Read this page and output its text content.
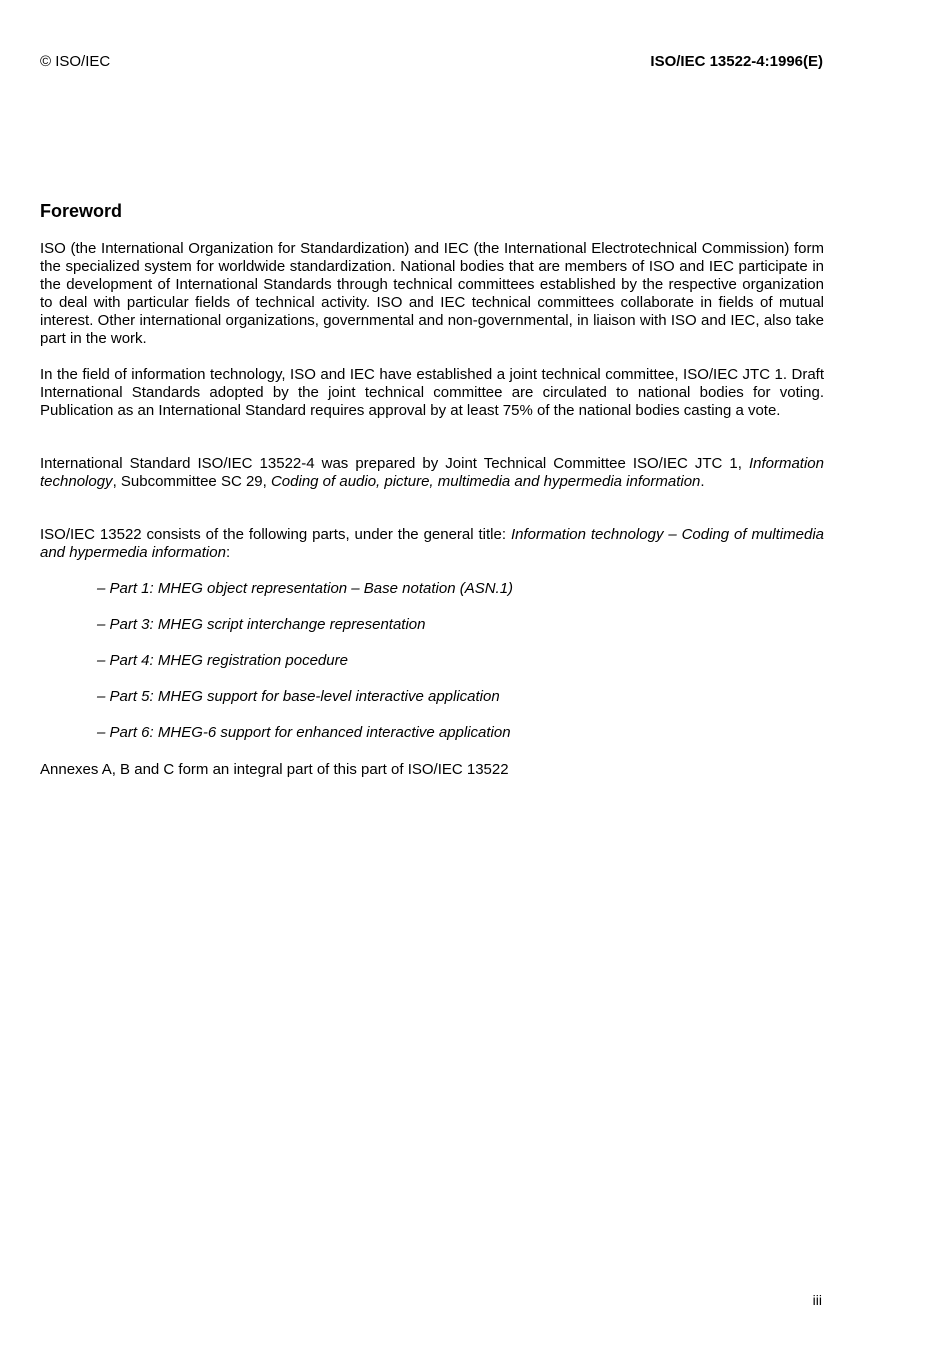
© ISO/IEC	ISO/IEC 13522-4:1996(E)
Foreword

ISO (the International Organization for Standardization) and IEC (the International Electrotechnical Commission) form the specialized system for worldwide standardization. National bodies that are members of ISO and IEC participate in the development of International Standards through technical committees established by the respective organization to deal with particular fields of technical activity. ISO and IEC technical committees collaborate in fields of mutual interest. Other international organizations, governmental and non-governmental, in liaison with ISO and IEC, also take part in the work.

In the field of information technology, ISO and IEC have established a joint technical committee, ISO/IEC JTC 1. Draft International Standards adopted by the joint technical committee are circulated to national bodies for voting. Publication as an International Standard requires approval by at least 75% of the national bodies casting a vote.

International Standard ISO/IEC 13522-4 was prepared by Joint Technical Committee ISO/IEC JTC 1, Information technology, Subcommittee SC 29, Coding of audio, picture, multimedia and hypermedia information.

ISO/IEC 13522 consists of the following parts, under the general title: Information technology – Coding of multimedia and hypermedia information:

– Part 1: MHEG object representation – Base notation (ASN.1)
– Part 3: MHEG script interchange representation
– Part 4: MHEG registration pocedure
– Part 5: MHEG support for base-level interactive application
– Part 6: MHEG-6 support for enhanced interactive application
Annexes A, B and C form an integral part of this part of ISO/IEC 13522
iii
